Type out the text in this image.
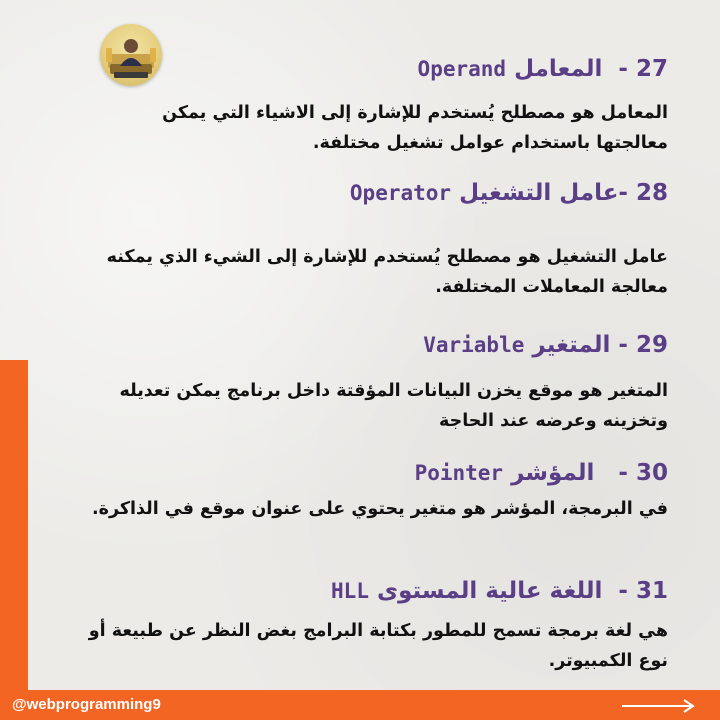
27 -  المعامل Operand
المعامل هو مصطلح يُستخدم للإشارة إلى الاشياء التي يمكن معالجتها باستخدام عوامل تشغيل مختلفة.
28 -عامل التشغيل Operator
عامل التشغيل هو مصطلح يُستخدم للإشارة إلى الشيء الذي يمكنه معالجة المعاملات المختلفة.
29 - المتغير Variable
المتغير هو موقع يخزن البيانات المؤقتة داخل برنامج يمكن تعديله وتخزينه وعرضه عند الحاجة
30 -   المؤشر Pointer
في البرمجة، المؤشر هو متغير يحتوي على عنوان موقع في الذاكرة.
31 -  اللغة عالية المستوى HLL
هي لغة برمجة تسمح للمطور بكتابة البرامج بغض النظر عن طبيعة أو نوع الكمبيوتر.
@webprogramming9
